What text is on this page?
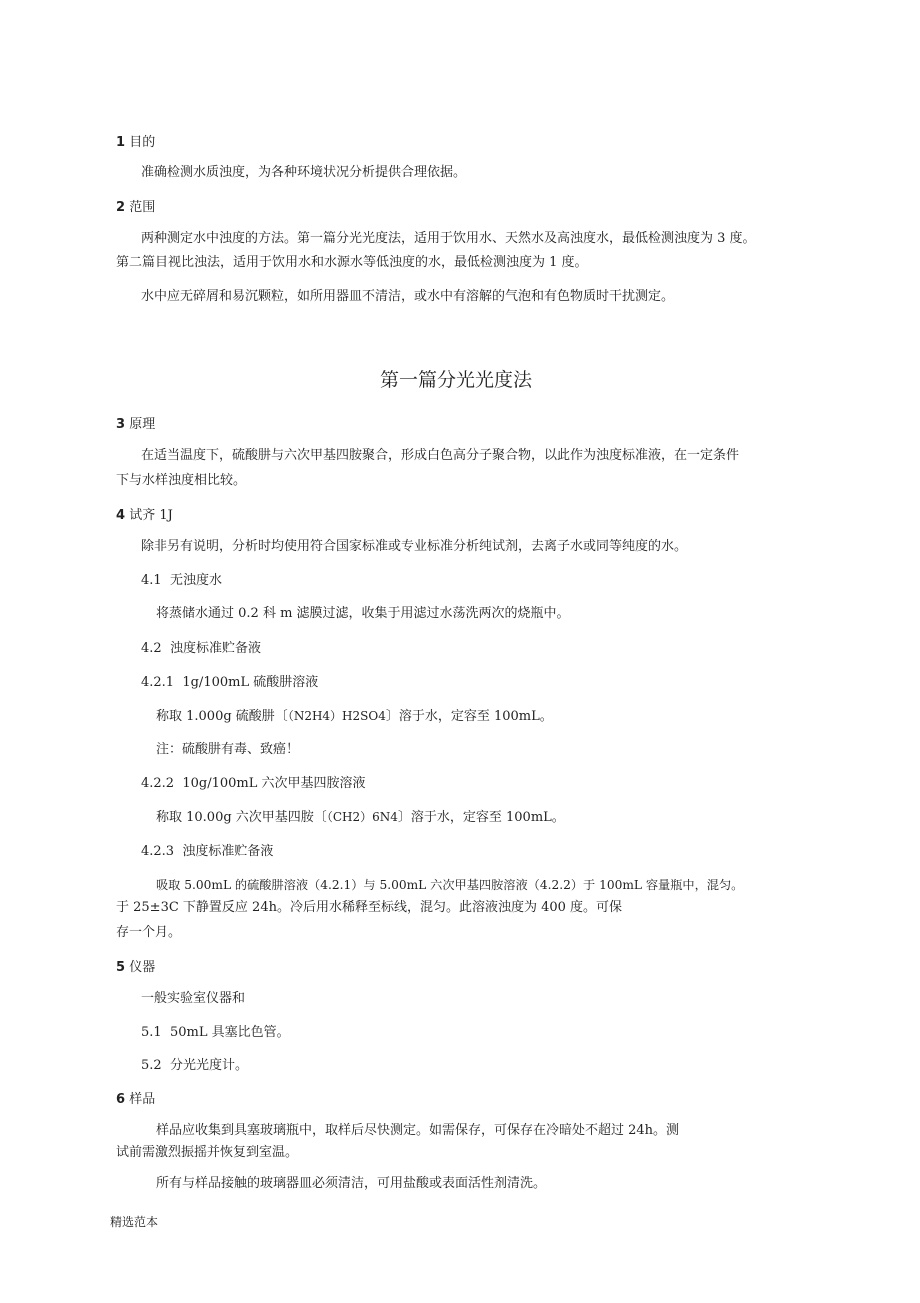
1 目的
准确检测水质浊度，为各种环境状况分析提供合理依据。
2 范围
两种测定水中浊度的方法。第一篇分光光度法，适用于饮用水、天然水及高浊度水，最低检测浊度为 3 度。
第二篇目视比浊法，适用于饮用水和水源水等低浊度的水，最低检测浊度为 1 度。
水中应无碎屑和易沉颗粒，如所用器皿不清洁，或水中有溶解的气泡和有色物质时干扰测定。
第一篇分光光度法
3 原理
在适当温度下，硫酸肼与六次甲基四胺聚合，形成白色高分子聚合物，以此作为浊度标准液，在一定条件
下与水样浊度相比较。
4 试齐 1J
除非另有说明，分析时均使用符合国家标准或专业标准分析纯试剂，去离子水或同等纯度的水。
4.1 无浊度水
将蒸储水通过 0.2 科 m 滤膜过滤，收集于用滤过水荡洗两次的烧瓶中。
4.2 浊度标准贮备液
4.2.1 1g/100mL 硫酸肼溶液
称取 1.000g 硫酸肼〔（N2H4）H2SO4〕溶于水，定容至 100mL。
注：硫酸肼有毒、致癌！
4.2.2 10g/100mL 六次甲基四胺溶液
称取 10.00g 六次甲基四胺〔（CH2）6N4〕溶于水，定容至 100mL。
4.2.3 浊度标准贮备液
吸取 5.00mL 的硫酸肼溶液（4.2.1）与 5.00mL 六次甲基四胺溶液（4.2.2）于 100mL 容量瓶中，混匀。
于 25±3C 下静置反应 24h。冷后用水稀释至标线，混匀。此溶液浊度为 400 度。可保
存一个月。
5 仪器
一般实验室仪器和
5.1 50mL 具塞比色管。
5.2 分光光度计。
6 样品
样品应收集到具塞玻璃瓶中，取样后尽快测定。如需保存，可保存在冷暗处不超过 24h。测
试前需激烈振摇并恢复到室温。
所有与样品接触的玻璃器皿必须清洁，可用盐酸或表面活性剂清洗。
精选范本
